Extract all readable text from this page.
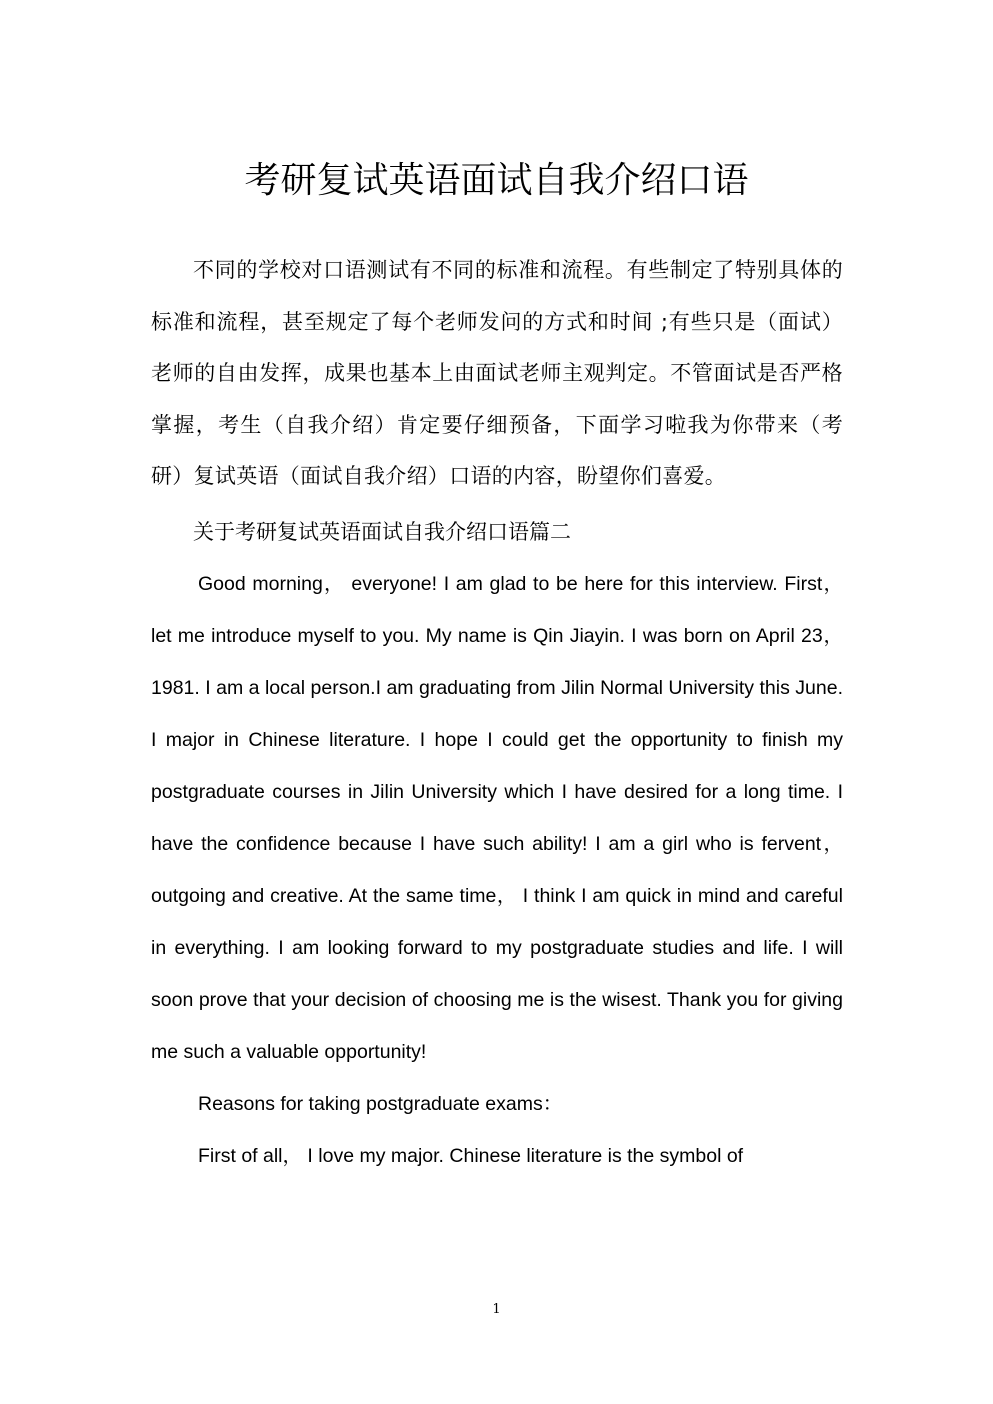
考研复试英语面试自我介绍口语

不同的学校对口语测试有不同的标准和流程。有些制定了特别具体的标准和流程，甚至规定了每个老师发问的方式和时间 ;有些只是（面试）老师的自由发挥，成果也基本上由面试老师主观判定。不管面试是否严格掌握，考生（自我介绍）肯定要仔细预备，下面学习啦我为你带来（考研）复试英语（面试自我介绍）口语的内容，盼望你们喜爱。

关于考研复试英语面试自我介绍口语篇二

Good morning， everyone! I am glad to be here for this interview. First， let me introduce myself to you. My name is Qin Jiayin. I was born on April 23， 1981. I am a local person.I am graduating from Jilin Normal University this June. I major in Chinese literature. I hope I could get the opportunity to finish my postgraduate courses in Jilin University which I have desired for a long time. I have the confidence because I have such ability! I am a girl who is fervent， outgoing and creative. At the same time， I think I am quick in mind and careful in everything. I am looking forward to my postgraduate studies and life. I will soon prove that your decision of choosing me is the wisest. Thank you for giving me such a valuable opportunity!

Reasons for taking postgraduate exams：

First of all， I love my major. Chinese literature is the symbol of

1
